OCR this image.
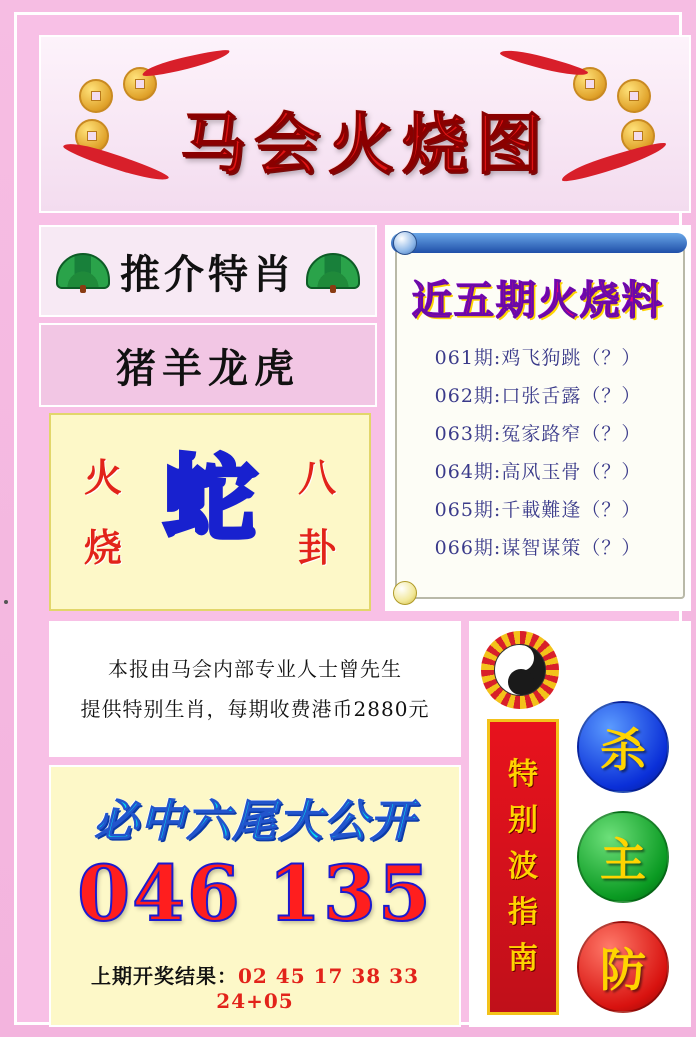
马会火烧图
推介特肖
猪羊龙虎
火
烧 蛇 八
卦
近五期火烧料
061期:鸡飞狗跳（？）
062期:口张舌露（？）
063期:冤家路窄（？）
064期:高风玉骨（？）
065期:千載難逢（？）
066期:谋智谋策（？）
本报由马会内部专业人士曾先生
提供特别生肖，每期收费港币2880元
必中六尾大公开
046 135
上期开奖结果：02 45 17 38 33 24+05
特
别
波
指
南
杀
主
防
